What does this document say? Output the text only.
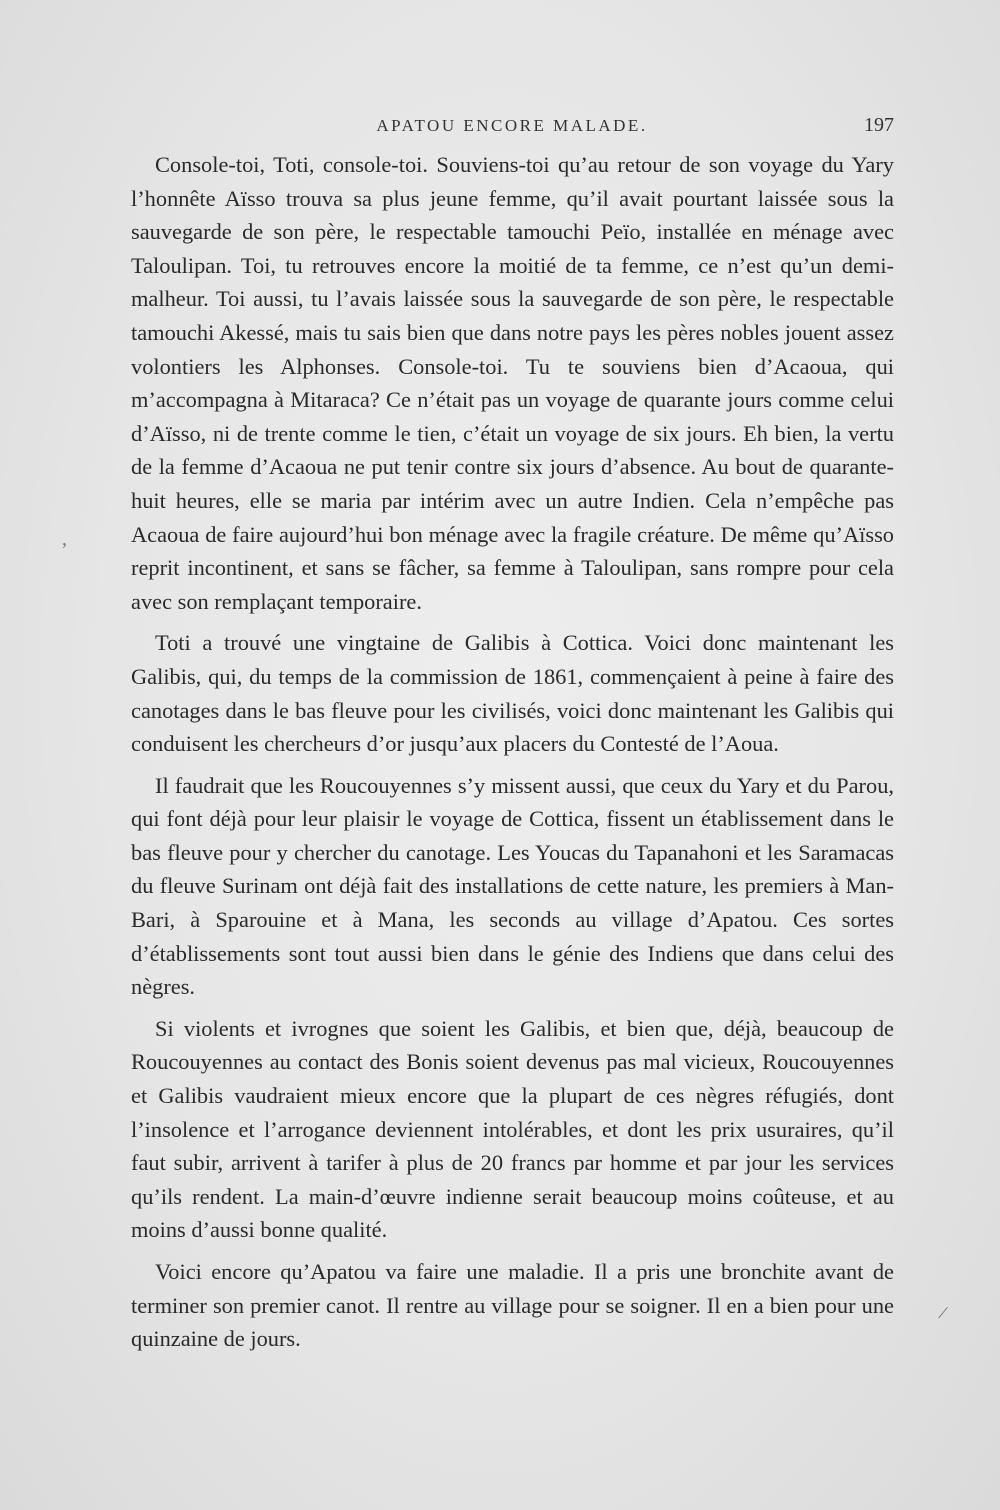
APATOU ENCORE MALADE.	197

Console-toi, Toti, console-toi. Souviens-toi qu’au retour de son voyage du Yary l’honnête Aïsso trouva sa plus jeune femme, qu’il avait pourtant laissée sous la sauvegarde de son père, le respectable tamouchi Peïo, installée en ménage avec Taloulipan. Toi, tu retrouves encore la moitié de ta femme, ce n’est qu’un demi-malheur. Toi aussi, tu l’avais laissée sous la sauvegarde de son père, le respectable tamouchi Akessé, mais tu sais bien que dans notre pays les pères nobles jouent assez volontiers les Alphonses. Console-toi. Tu te souviens bien d’Acaoua, qui m’accompagna à Mitaraca? Ce n’était pas un voyage de quarante jours comme celui d’Aïsso, ni de trente comme le tien, c’était un voyage de six jours. Eh bien, la vertu de la femme d’Acaoua ne put tenir contre six jours d’absence. Au bout de quarante-huit heures, elle se maria par intérim avec un autre Indien. Cela n’empêche pas Acaoua de faire aujourd’hui bon ménage avec la fragile créature. De même qu’Aïsso reprit incontinent, et sans se fâcher, sa femme à Taloulipan, sans rompre pour cela avec son remplaçant temporaire.

Toti a trouvé une vingtaine de Galibis à Cottica. Voici donc maintenant les Galibis, qui, du temps de la commission de 1861, commençaient à peine à faire des canotages dans le bas fleuve pour les civilisés, voici donc maintenant les Galibis qui conduisent les chercheurs d’or jusqu’aux placers du Contesté de l’Aoua.

Il faudrait que les Roucouyennes s’y missent aussi, que ceux du Yary et du Parou, qui font déjà pour leur plaisir le voyage de Cottica, fissent un établissement dans le bas fleuve pour y chercher du canotage. Les Youcas du Tapanahoni et les Saramacas du fleuve Surinam ont déjà fait des installations de cette nature, les premiers à Man-Bari, à Sparouine et à Mana, les seconds au village d’Apatou. Ces sortes d’établissements sont tout aussi bien dans le génie des Indiens que dans celui des nègres.

Si violents et ivrognes que soient les Galibis, et bien que, déjà, beaucoup de Roucouyennes au contact des Bonis soient devenus pas mal vicieux, Roucouyennes et Galibis vaudraient mieux encore que la plupart de ces nègres réfugiés, dont l’insolence et l’arrogance deviennent intolérables, et dont les prix usuraires, qu’il faut subir, arrivent à tarifer à plus de 20 francs par homme et par jour les services qu’ils rendent. La main-d’œuvre indienne serait beaucoup moins coûteuse, et au moins d’aussi bonne qualité.

Voici encore qu’Apatou va faire une maladie. Il a pris une bronchite avant de terminer son premier canot. Il rentre au village pour se soigner. Il en a bien pour une quinzaine de jours.

,
/
